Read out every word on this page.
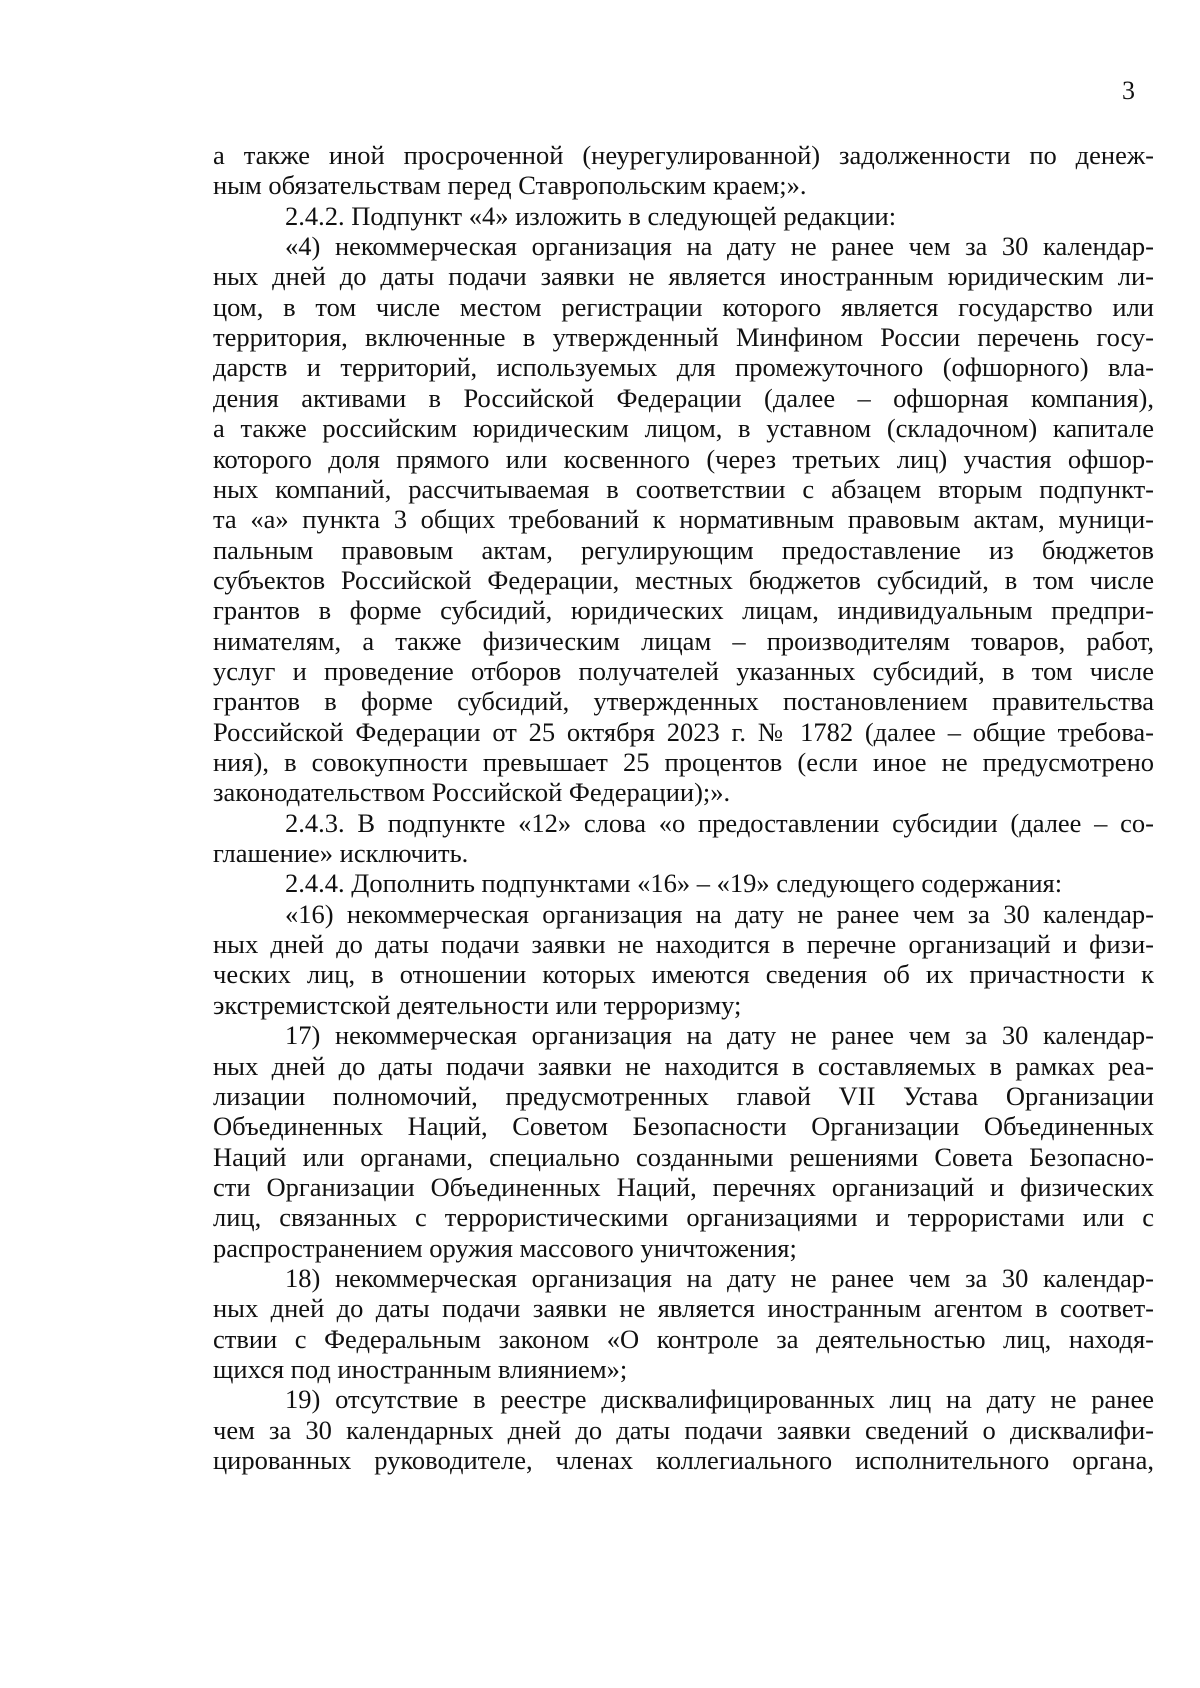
3
а также иной просроченной (неурегулированной) задолженности по денеж-
ным обязательствам перед Ставропольским краем;».
2.4.2. Подпункт «4» изложить в следующей редакции:
«4) некоммерческая организация на дату не ранее чем за 30 календар-
ных дней до даты подачи заявки не является иностранным юридическим ли-
цом, в том числе местом регистрации которого является государство или
территория, включенные в утвержденный Минфином России перечень госу-
дарств и территорий, используемых для промежуточного (офшорного) вла-
дения активами в Российской Федерации (далее – офшорная компания),
а также российским юридическим лицом, в уставном (складочном) капитале
которого доля прямого или косвенного (через третьих лиц) участия офшор-
ных компаний, рассчитываемая в соответствии с абзацем вторым подпункт-
та «а» пункта 3 общих требований к нормативным правовым актам, муници-
пальным правовым актам, регулирующим предоставление из бюджетов
субъектов Российской Федерации, местных бюджетов субсидий, в том числе
грантов в форме субсидий, юридических лицам, индивидуальным предпри-
нимателям, а также физическим лицам – производителям товаров, работ,
услуг и проведение отборов получателей указанных субсидий, в том числе
грантов в форме субсидий, утвержденных постановлением правительства
Российской Федерации от 25 октября 2023 г. № 1782 (далее – общие требова-
ния), в совокупности превышает 25 процентов (если иное не предусмотрено
законодательством Российской Федерации);».
2.4.3. В подпункте «12» слова «о предоставлении субсидии (далее – со-
глашение» исключить.
2.4.4. Дополнить подпунктами «16» – «19» следующего содержания:
«16) некоммерческая организация на дату не ранее чем за 30 календар-
ных дней до даты подачи заявки не находится в перечне организаций и физи-
ческих лиц, в отношении которых имеются сведения об их причастности к
экстремистской деятельности или терроризму;
17) некоммерческая организация на дату не ранее чем за 30 календар-
ных дней до даты подачи заявки не находится в составляемых в рамках реа-
лизации полномочий, предусмотренных главой VII Устава Организации
Объединенных Наций, Советом Безопасности Организации Объединенных
Наций или органами, специально созданными решениями Совета Безопасно-
сти Организации Объединенных Наций, перечнях организаций и физических
лиц, связанных с террористическими организациями и террористами или с
распространением оружия массового уничтожения;
18) некоммерческая организация на дату не ранее чем за 30 календар-
ных дней до даты подачи заявки не является иностранным агентом в соответ-
ствии с Федеральным законом «О контроле за деятельностью лиц, находя-
щихся под иностранным влиянием»;
19) отсутствие в реестре дисквалифицированных лиц на дату не ранее
чем за 30 календарных дней до даты подачи заявки сведений о дисквалифи-
цированных руководителе, членах коллегиального исполнительного органа,
